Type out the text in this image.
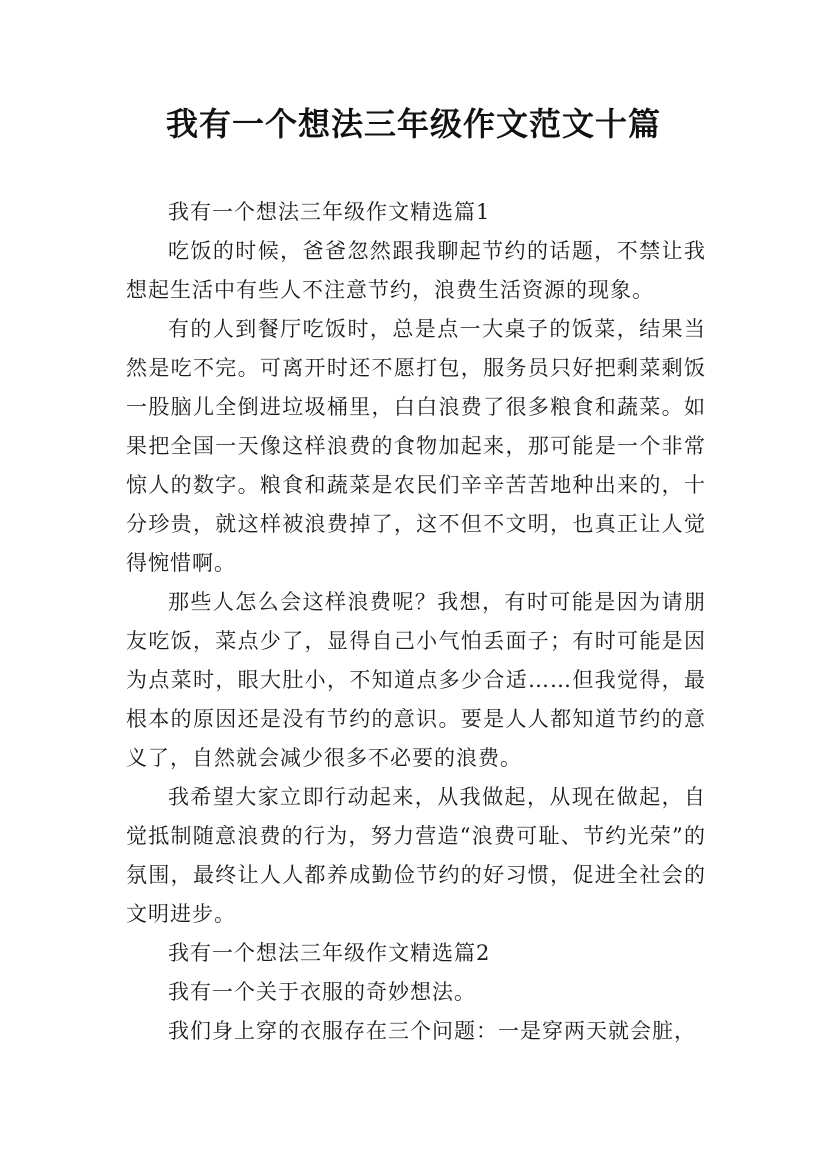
我有一个想法三年级作文范文十篇

我有一个想法三年级作文精选篇1

吃饭的时候，爸爸忽然跟我聊起节约的话题，不禁让我想起生活中有些人不注意节约，浪费生活资源的现象。

有的人到餐厅吃饭时，总是点一大桌子的饭菜，结果当然是吃不完。可离开时还不愿打包，服务员只好把剩菜剩饭一股脑儿全倒进垃圾桶里，白白浪费了很多粮食和蔬菜。如果把全国一天像这样浪费的食物加起来，那可能是一个非常惊人的数字。粮食和蔬菜是农民们辛辛苦苦地种出来的，十分珍贵，就这样被浪费掉了，这不但不文明，也真正让人觉得惋惜啊。

那些人怎么会这样浪费呢？我想，有时可能是因为请朋友吃饭，菜点少了，显得自己小气怕丢面子；有时可能是因为点菜时，眼大肚小，不知道点多少合适……但我觉得，最根本的原因还是没有节约的意识。要是人人都知道节约的意义了，自然就会减少很多不必要的浪费。

我希望大家立即行动起来，从我做起，从现在做起，自觉抵制随意浪费的行为，努力营造“浪费可耻、节约光荣”的氛围，最终让人人都养成勤俭节约的好习惯，促进全社会的文明进步。

我有一个想法三年级作文精选篇2

我有一个关于衣服的奇妙想法。

我们身上穿的衣服存在三个问题：一是穿两天就会脏，
